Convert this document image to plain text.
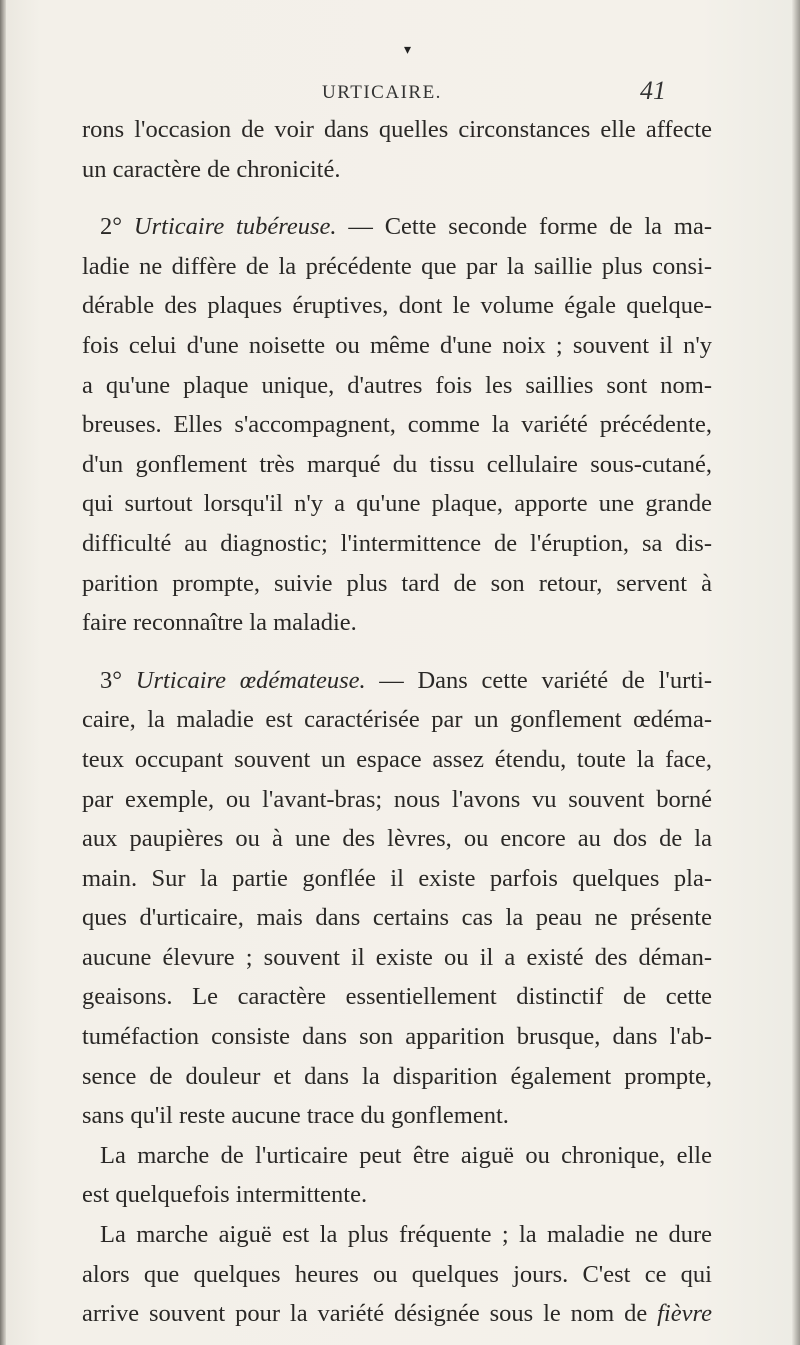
▾
URTICAIRE.	41
rons l'occasion de voir dans quelles circonstances elle affecte
un caractère de chronicité.
2° Urticaire tubéreuse. — Cette seconde forme de la ma-
ladie ne diffère de la précédente que par la saillie plus consi-
dérable des plaques éruptives, dont le volume égale quelque-
fois celui d'une noisette ou même d'une noix ; souvent il n'y
a qu'une plaque unique, d'autres fois les saillies sont nom-
breuses. Elles s'accompagnent, comme la variété précédente,
d'un gonflement très marqué du tissu cellulaire sous-cutané,
qui surtout lorsqu'il n'y a qu'une plaque, apporte une grande
difficulté au diagnostic; l'intermittence de l'éruption, sa dis-
parition prompte, suivie plus tard de son retour, servent à
faire reconnaître la maladie.
3° Urticaire œdémateuse. — Dans cette variété de l'urti-
caire, la maladie est caractérisée par un gonflement œdéma-
teux occupant souvent un espace assez étendu, toute la face,
par exemple, ou l'avant-bras; nous l'avons vu souvent borné
aux paupières ou à une des lèvres, ou encore au dos de la
main. Sur la partie gonflée il existe parfois quelques pla-
ques d'urticaire, mais dans certains cas la peau ne présente
aucune élevure ; souvent il existe ou il a existé des déman-
geaisons. Le caractère essentiellement distinctif de cette
tuméfaction consiste dans son apparition brusque, dans l'ab-
sence de douleur et dans la disparition également prompte,
sans qu'il reste aucune trace du gonflement.
La marche de l'urticaire peut être aiguë ou chronique, elle
est quelquefois intermittente.
La marche aiguë est la plus fréquente ; la maladie ne dure
alors que quelques heures ou quelques jours. C'est ce qui
arrive souvent pour la variété désignée sous le nom de fièvre
